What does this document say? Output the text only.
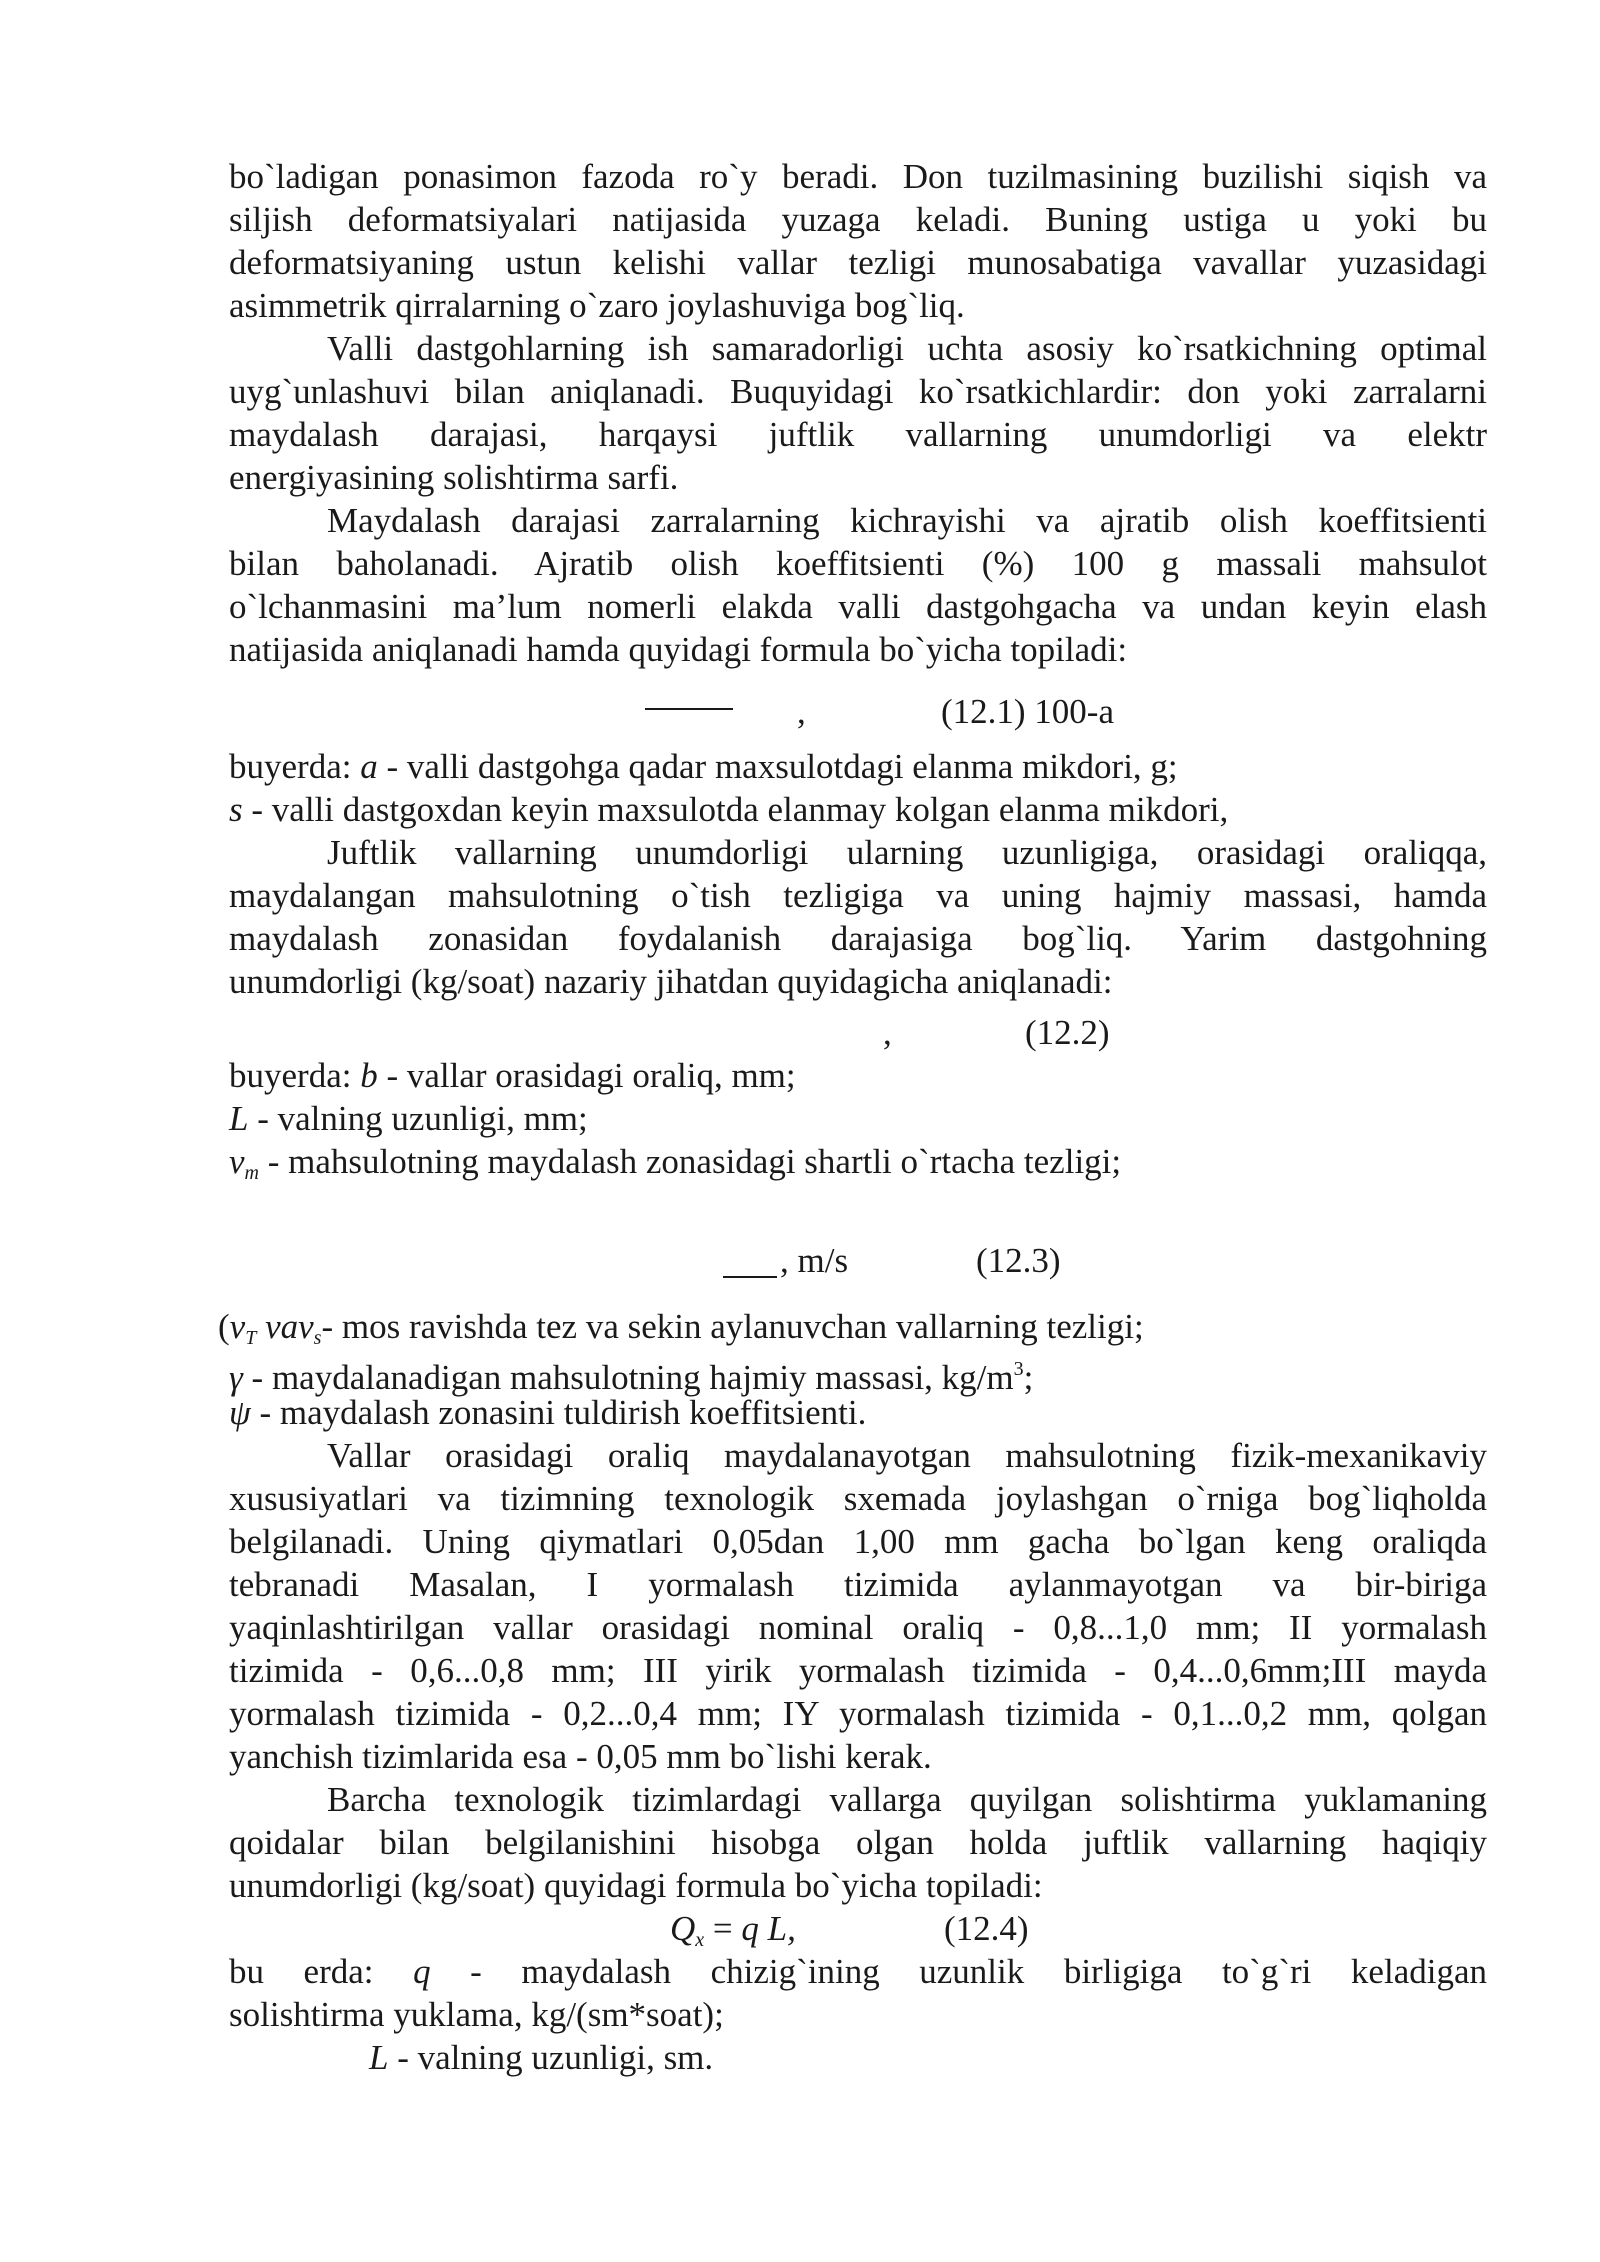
bo`ladigan ponasimon fazoda ro`y beradi. Don tuzilmasining buzilishi siqish va
siljish deformatsiyalari natijasida yuzaga keladi. Buning ustiga u yoki bu
deformatsiyaning ustun kelishi vallar tezligi munosabatiga vavallar yuzasidagi
asimmetrik qirralarning o`zaro joylashuviga bog`liq.
Valli dastgohlarning ish samaradorligi uchta asosiy ko`rsatkichning optimal
uyg`unlashuvi bilan aniqlanadi. Buquyidagi ko`rsatkichlardir: don yoki zarralarni
maydalash darajasi, harqaysi juftlik vallarning unumdorligi va elektr
energiyasining solishtirma sarfi.
Maydalash darajasi zarralarning kichrayishi va ajratib olish koeffitsienti
bilan baholanadi. Ajratib olish koeffitsienti (%) 100 g massali mahsulot
o`lchanmasini ma’lum nomerli elakda valli dastgohgacha va undan keyin elash
natijasida aniqlanadi hamda quyidagi formula bo`yicha topiladi:
,	(12.1) 100-a
buyerda: a - valli dastgohga qadar maxsulotdagi elanma mikdori, g;
s - valli dastgoxdan keyin maxsulotda elanmay kolgan elanma mikdori,
Juftlik vallarning unumdorligi ularning uzunligiga, orasidagi oraliqqa,
maydalangan mahsulotning o`tish tezligiga va uning hajmiy massasi, hamda
maydalash zonasidan foydalanish darajasiga bog`liq. Yarim dastgohning
unumdorligi (kg/soat) nazariy jihatdan quyidagicha aniqlanadi:
,	(12.2)
buyerda: b - vallar orasidagi oraliq, mm;
L - valning uzunligi, mm;
$v_m$ - mahsulotning maydalash zonasidagi shartli o`rtacha tezligi;
, m/s	(12.3)
($v_T$ vaν$_s$- mos ravishda tez va sekin aylanuvchan vallarning tezligi;
γ - maydalanadigan mahsulotning hajmiy massasi, $kg/m^3$;
ψ - maydalash zonasini tuldirish koeffitsienti.
Vallar orasidagi oraliq maydalanayotgan mahsulotning fizik-mexanikaviy
xususiyatlari va tizimning texnologik sxemada joylashgan o`rniga bog`liqholda
belgilanadi. Uning qiymatlari 0,05dan 1,00 mm gacha bo`lgan keng oraliqda
tebranadi Masalan, I yormalash tizimida aylanmayotgan va bir-biriga
yaqinlashtirilgan vallar orasidagi nominal oraliq - 0,8...1,0 mm; II yormalash
tizimida - 0,6...0,8 mm; III yirik yormalash tizimida - 0,4...0,6mm;III mayda
yormalash tizimida - 0,2...0,4 mm; IY yormalash tizimida - 0,1...0,2 mm, qolgan
yanchish tizimlarida esa - 0,05 mm bo`lishi kerak.
Barcha texnologik tizimlardagi vallarga quyilgan solishtirma yuklamaning
qoidalar bilan belgilanishini hisobga olgan holda juftlik vallarning haqiqiy
unumdorligi (kg/soat) quyidagi formula bo`yicha topiladi:
$Q_x = q$ L,	(12.4)
bu erda: q - maydalash chizig`ining uzunlik birligiga to`g`ri keladigan
solishtirma yuklama, kg/(sm*soat);
L - valning uzunligi, sm.
